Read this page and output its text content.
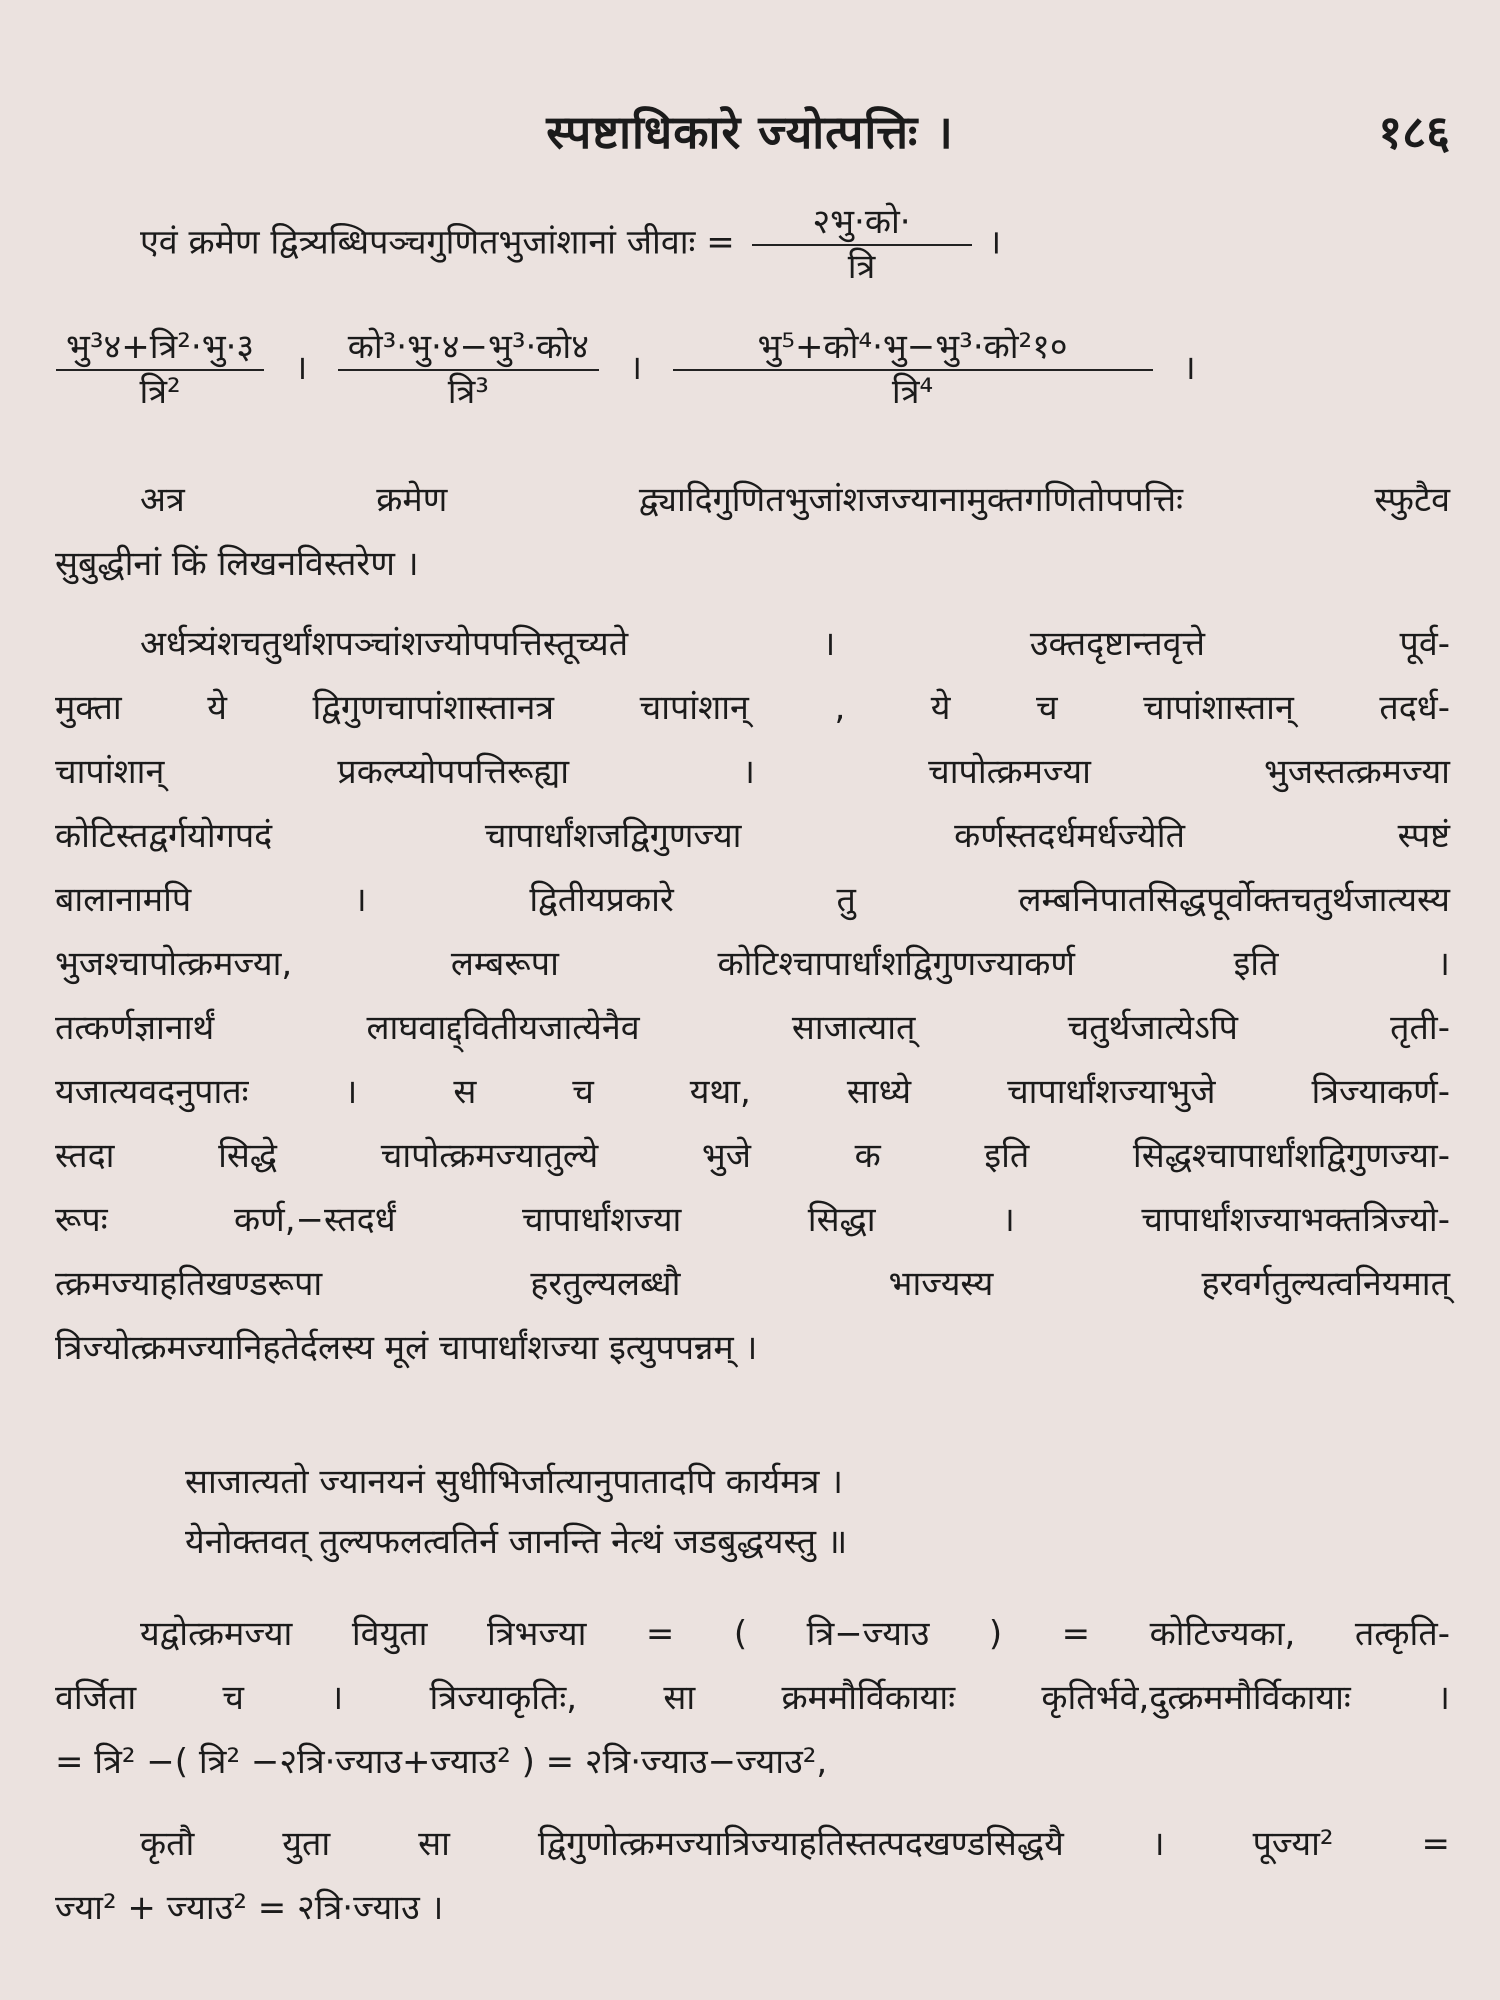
स्पष्टाधिकारे ज्योत्पत्तिः ।	१८६
एवं क्रमेण द्वित्र्यब्धिपञ्चगुणितभुजांशानां जीवाः = $\frac{\text{२भु·को·}}{\text{त्रि}}$ ।
$\frac{\text{भु³४+त्रि²·भु·३}}{\text{त्रि²}}$ । $\frac{\text{को³·भु·४−भु³·को४}}{\text{त्रि³}}$ । $\frac{\text{भु⁵+को⁴·भु−भु³·को²१०}}{\text{त्रि⁴}}$ ।
अत्र क्रमेण द्व्यादिगुणितभुजांशजज्यानामुक्तगणितोपपत्तिः स्फुटैव
सुबुद्धीनां किं लिखनविस्तरेण ।
अर्धत्र्यंशचतुर्थांशपञ्चांशज्योपपत्तिस्तूच्यते । उक्तदृष्टान्तवृत्ते पूर्व-
मुक्ता ये द्विगुणचापांशास्तानत्र चापांशान् , ये च चापांशास्तान् तदर्ध-
चापांशान् प्रकल्प्योपपत्तिरूह्या । चापोत्क्रमज्या भुजस्तत्क्रमज्या
कोटिस्तद्वर्गयोगपदं चापार्धांशजद्विगुणज्या कर्णस्तदर्धमर्धज्येति स्पष्टं
बालानामपि । द्वितीयप्रकारे तु लम्बनिपातसिद्धपूर्वोक्तचतुर्थजात्यस्य
भुजश्चापोत्क्रमज्या, लम्बरूपा कोटिश्चापार्धांशद्विगुणज्याकर्ण इति ।
तत्कर्णज्ञानार्थं लाघवाद्द्वितीयजात्येनैव साजात्यात् चतुर्थजात्येऽपि तृती-
यजात्यवदनुपातः । स च यथा, साध्ये चापार्धांशज्याभुजे त्रिज्याकर्ण-
स्तदा सिद्धे चापोत्क्रमज्यातुल्ये भुजे क इति सिद्धश्चापार्धांशद्विगुणज्या-
रूपः कर्ण,−स्तदर्धं चापार्धांशज्या सिद्धा । चापार्धांशज्याभक्तत्रिज्यो-
त्क्रमज्याहतिखण्डरूपा हरतुल्यलब्धौ भाज्यस्य हरवर्गतुल्यत्वनियमात्
त्रिज्योत्क्रमज्यानिहतेर्दलस्य मूलं चापार्धांशज्या इत्युपपन्नम् ।
साजात्यतो ज्यानयनं सुधीभिर्जात्यानुपातादपि कार्यमत्र ।
येनोक्तवत् तुल्यफलत्वतिर्न जानन्ति नेत्थं जडबुद्धयस्तु ॥
यद्वोत्क्रमज्या वियुता त्रिभज्या = ( त्रि−ज्याउ ) = कोटिज्यका, तत्कृति-
वर्जिता च । त्रिज्याकृतिः, सा क्रममौर्विकायाः कृतिर्भवे,दुत्क्रममौर्विकायाः ।
= त्रि² −( त्रि² −२त्रि·ज्याउ+ज्याउ² ) = २त्रि·ज्याउ−ज्याउ²,
कृतौ युता सा द्विगुणोत्क्रमज्यात्रिज्याहतिस्तत्पदखण्डसिद्धयै । पूज्या² =
ज्या² + ज्याउ² = २त्रि·ज्याउ ।
